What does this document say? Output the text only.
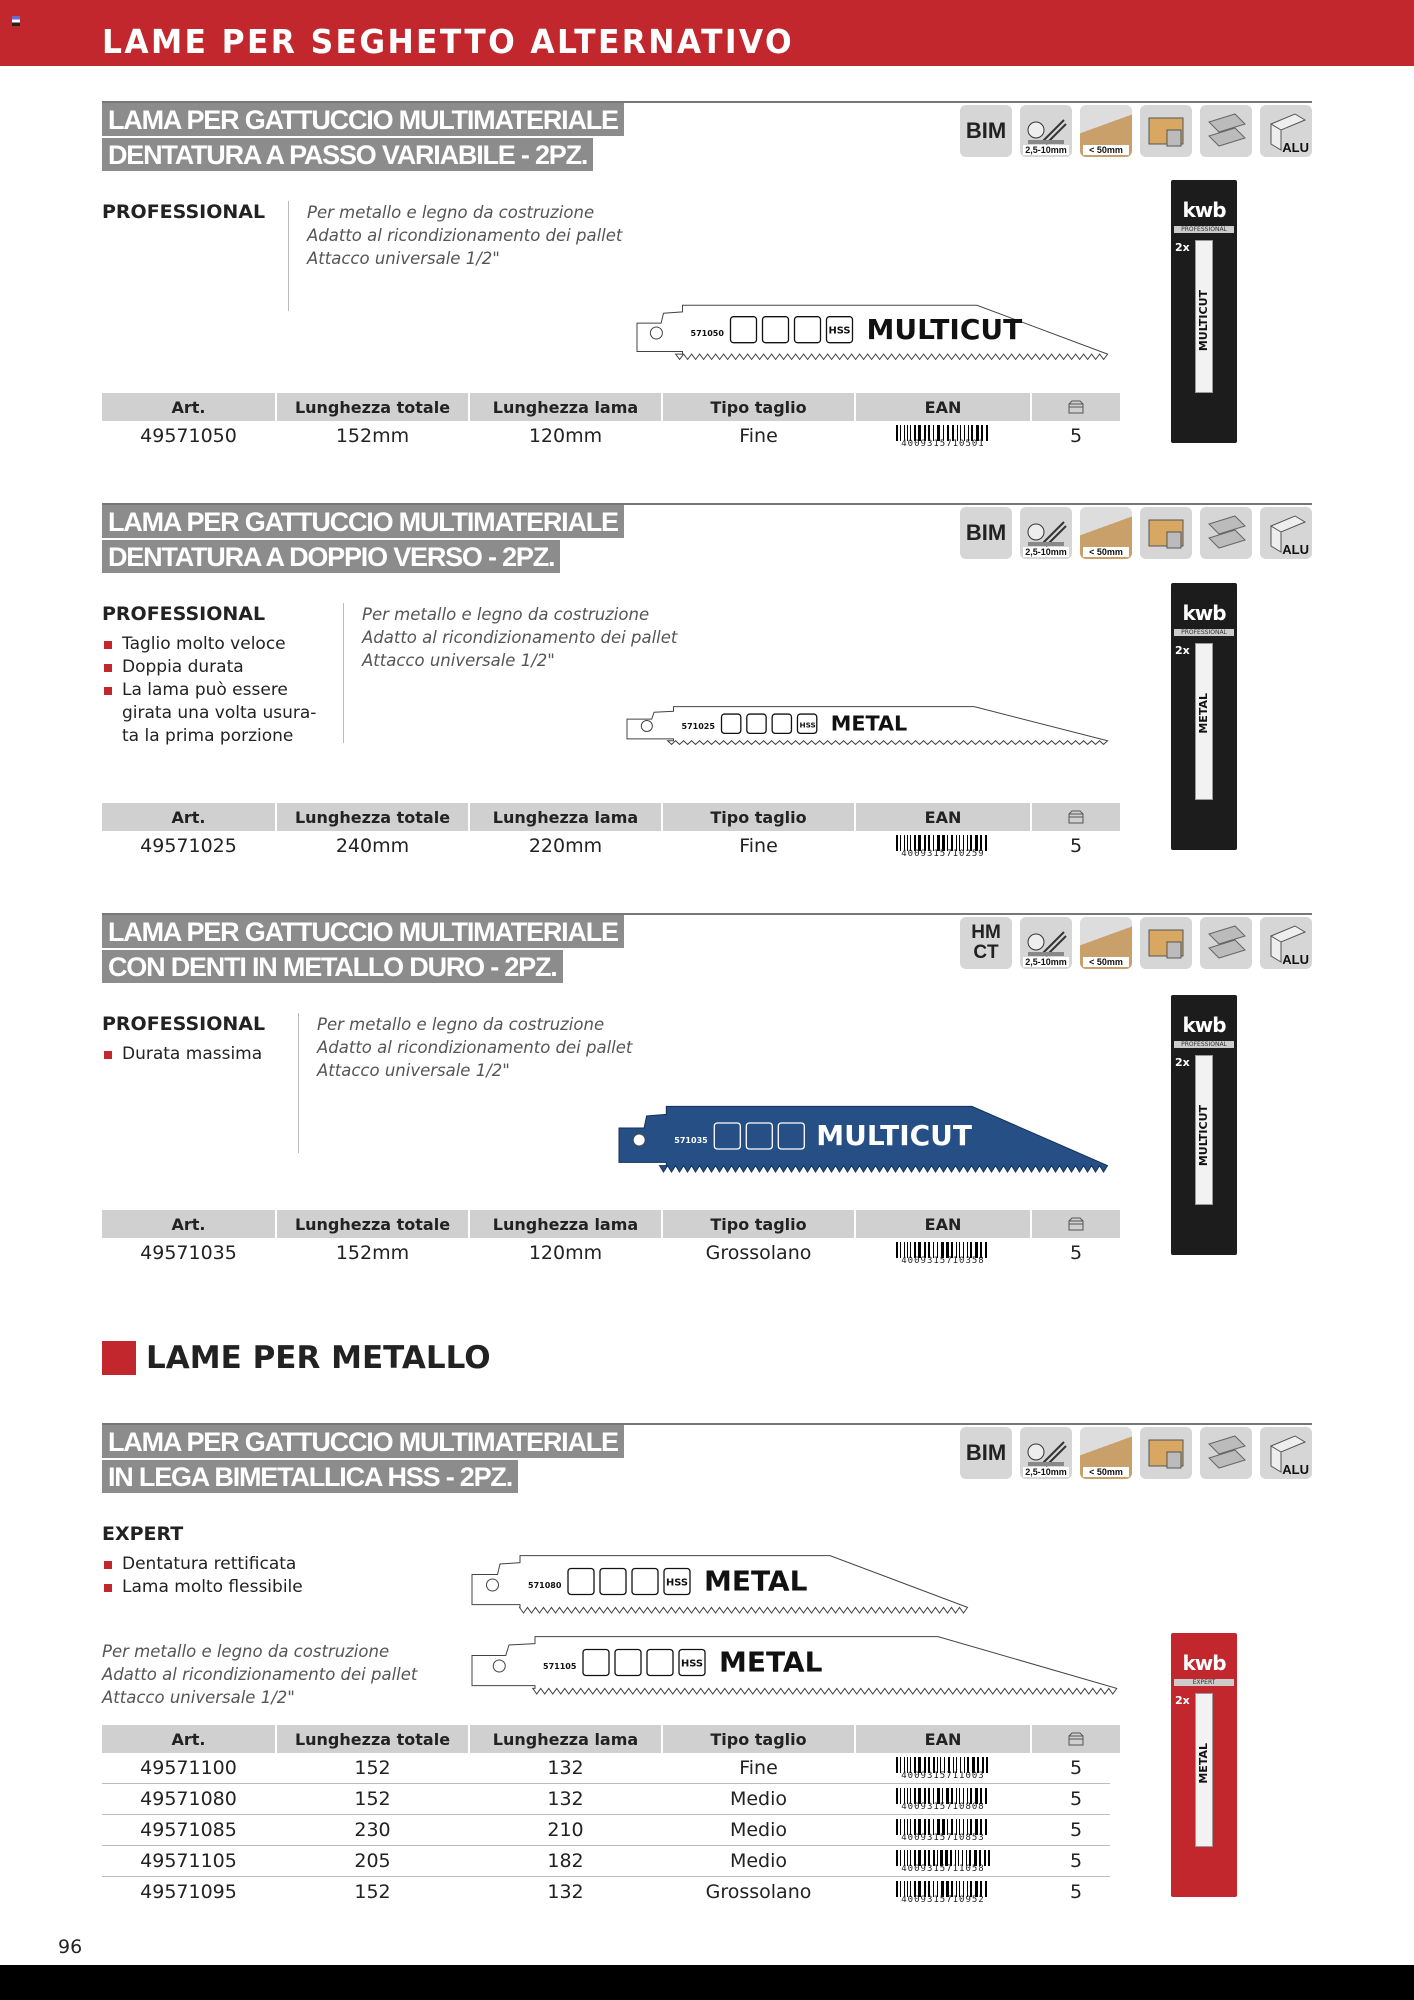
LAME PER SEGHETTO ALTERNATIVO
LAMA PER GATTUCCIO MULTIMATERIALE
DENTATURA A PASSO VARIABILE - 2PZ.
BIM
2,5-10mm	< 50mm	ALU
PROFESSIONAL	Per metallo e legno da costruzione
Adatto al ricondizionamento dei pallet
Attacco universale 1/2"
571050	HSS MULTICUT
Art.	Lunghezza totale	Lunghezza lama	Tipo taglio	EAN
49571050	152mm	120mm	Fine	4009315710501	5
kwb
PROFESSIONAL
2x
MULTICUT
LAMA PER GATTUCCIO MULTIMATERIALE
DENTATURA A DOPPIO VERSO - 2PZ.
BIM
2,5-10mm	< 50mm	ALU
PROFESSIONAL
Taglio molto veloce
Doppia durata
La lama può essere girata una volta usura-ta la prima porzione
Per metallo e legno da costruzione
Adatto al ricondizionamento dei pallet
Attacco universale 1/2"
571025	HSS METAL
Art.	Lunghezza totale	Lunghezza lama	Tipo taglio	EAN
49571025	240mm	220mm	Fine	4009315710259	5
kwb
PROFESSIONAL
2x
METAL
LAMA PER GATTUCCIO MULTIMATERIALE
CON DENTI IN METALLO DURO - 2PZ.
HM
CT	2,5-10mm	< 50mm	ALU
PROFESSIONAL
Durata massima
Per metallo e legno da costruzione
Adatto al ricondizionamento dei pallet
Attacco universale 1/2"
571035	MULTICUT
Art.	Lunghezza totale	Lunghezza lama	Tipo taglio	EAN
49571035	152mm	120mm	Grossolano	4009315710358	5
kwb
PROFESSIONAL
2x
MULTICUT
LAMA PER GATTUCCIO MULTIMATERIALE
IN LEGA BIMETALLICA HSS - 2PZ.
BIM
2,5-10mm	< 50mm	ALU
EXPERT
Dentatura rettificata
Lama molto flessibile
Per metallo e legno da costruzione
Adatto al ricondizionamento dei pallet
Attacco universale 1/2"
571080	HSS METAL
571105	HSS METAL
Art.	Lunghezza totale	Lunghezza lama	Tipo taglio	EAN
49571100	152	132	Fine	4009315711003	5
49571080	152	132	Medio	4009315710808	5
49571085	230	210	Medio	4009315710853	5
49571105	205	182	Medio	4009315711058	5
49571095	152	132	Grossolano	4009315710952	5
kwb
EXPERT
2x
METAL
LAME PER METALLO
96
